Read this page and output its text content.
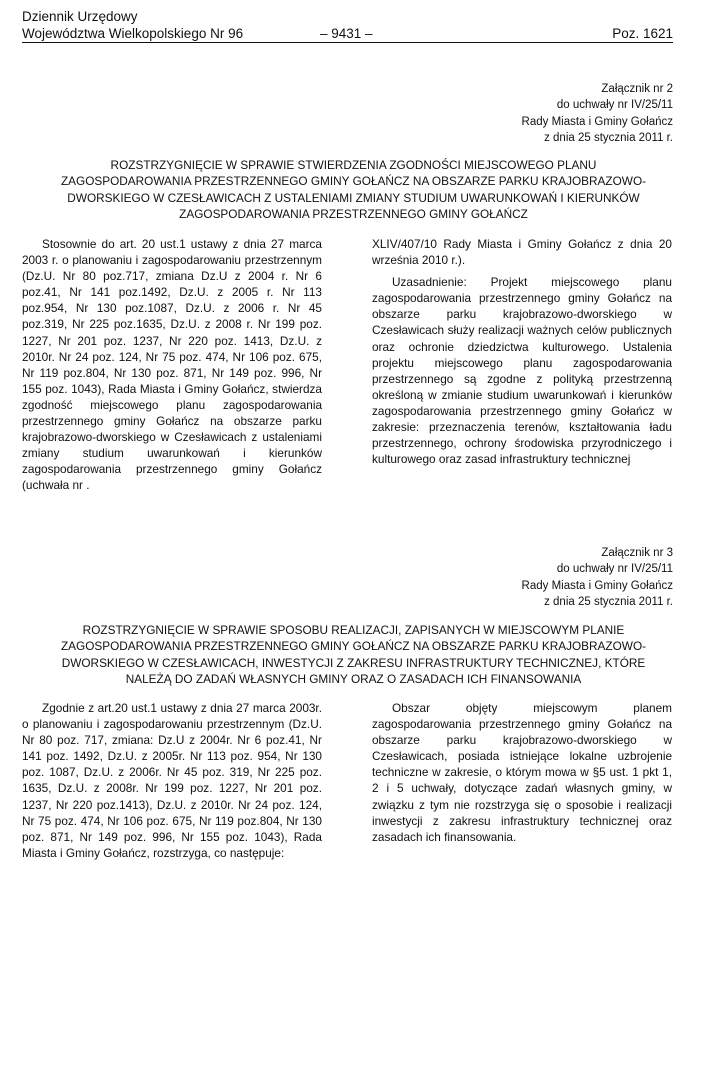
Dziennik Urzędowy
Województwa Wielkopolskiego Nr 96	– 9431 –	Poz. 1621
Załącznik nr 2
do uchwały nr IV/25/11
Rady Miasta i Gminy Gołańcz
z dnia 25 stycznia 2011 r.
ROZSTRZYGNIĘCIE W SPRAWIE STWIERDZENIA ZGODNOŚCI MIEJSCOWEGO PLANU
ZAGOSPODAROWANIA PRZESTRZENNEGO GMINY GOŁAŃCZ NA OBSZARZE PARKU KRAJOBRAZOWO-
DWORSKIEGO W CZESŁAWICACH Z USTALENIAMI ZMIANY STUDIUM UWARUNKOWAŃ I KIERUNKÓW
ZAGOSPODAROWANIA PRZESTRZENNEGO GMINY GOŁAŃCZ

Stosownie do art. 20 ust.1 ustawy z dnia 27 marca 2003 r. o planowaniu i zagospodarowaniu przestrzennym (Dz.U. Nr 80 poz.717, zmiana Dz.U z 2004 r. Nr 6 poz.41, Nr 141 poz.1492, Dz.U. z 2005 r. Nr 113 poz.954, Nr 130 poz.1087, Dz.U. z 2006 r. Nr 45 poz.319, Nr 225 poz.1635, Dz.U. z 2008 r. Nr 199 poz. 1227, Nr 201 poz. 1237, Nr 220 poz. 1413, Dz.U. z 2010r. Nr 24 poz. 124, Nr 75 poz. 474, Nr 106 poz. 675, Nr 119 poz.804, Nr 130 poz. 871, Nr 149 poz. 996, Nr 155 poz. 1043), Rada Miasta i Gminy Gołańcz, stwierdza zgodność miejscowego planu zagospodarowania przestrzennego gminy Gołańcz na obszarze parku krajobrazowo-dworskiego w Czesławicach z ustaleniami zmiany studium uwarunkowań i kierunków zagospodarowania przestrzennego gminy Gołańcz (uchwała nr .

XLIV/407/10 Rady Miasta i Gminy Gołańcz z dnia 20 września 2010 r.).

Uzasadnienie: Projekt miejscowego planu zagospodarowania przestrzennego gminy Gołańcz na obszarze parku krajobrazowo-dworskiego w Czesławicach służy realizacji ważnych celów publicznych oraz ochronie dziedzictwa kulturowego. Ustalenia projektu miejscowego planu zagospodarowania przestrzennego są zgodne z polityką przestrzenną określoną w zmianie studium uwarunkowań i kierunków zagospodarowania przestrzennego gminy Gołańcz w zakresie: przeznaczenia terenów, kształtowania ładu przestrzennego, ochrony środowiska przyrodniczego i kulturowego oraz zasad infrastruktury technicznej

Załącznik nr 3
do uchwały nr IV/25/11
Rady Miasta i Gminy Gołańcz
z dnia 25 stycznia 2011 r.
ROZSTRZYGNIĘCIE W SPRAWIE SPOSOBU REALIZACJI, ZAPISANYCH W MIEJSCOWYM PLANIE
ZAGOSPODAROWANIA PRZESTRZENNEGO GMINY GOŁAŃCZ NA OBSZARZE PARKU KRAJOBRAZOWO-
DWORSKIEGO W CZESŁAWICACH, INWESTYCJI Z ZAKRESU INFRASTRUKTURY TECHNICZNEJ, KTÓRE
NALEŻĄ DO ZADAŃ WŁASNYCH GMINY ORAZ O ZASADACH ICH FINANSOWANIA

Zgodnie z art.20 ust.1 ustawy z dnia 27 marca 2003r. o planowaniu i zagospodarowaniu przestrzennym (Dz.U. Nr 80 poz. 717, zmiana: Dz.U z 2004r. Nr 6 poz.41, Nr 141 poz. 1492, Dz.U. z 2005r. Nr 113 poz. 954, Nr 130 poz. 1087, Dz.U. z 2006r. Nr 45 poz. 319, Nr 225 poz. 1635, Dz.U. z 2008r. Nr 199 poz. 1227, Nr 201 poz. 1237, Nr 220 poz.1413), Dz.U. z 2010r. Nr 24 poz. 124, Nr 75 poz. 474, Nr 106 poz. 675, Nr 119 poz.804, Nr 130 poz. 871, Nr 149 poz. 996, Nr 155 poz. 1043), Rada Miasta i Gminy Gołańcz, rozstrzyga, co następuje:

Obszar objęty miejscowym planem zagospodarowania przestrzennego gminy Gołańcz na obszarze parku krajobrazowo-dworskiego w Czesławicach, posiada istniejące lokalne uzbrojenie techniczne w zakresie, o którym mowa w §5 ust. 1 pkt 1, 2 i 5 uchwały, dotyczące zadań własnych gminy, w związku z tym nie rozstrzyga się o sposobie i realizacji inwestycji z zakresu infrastruktury technicznej oraz zasadach ich finansowania.
